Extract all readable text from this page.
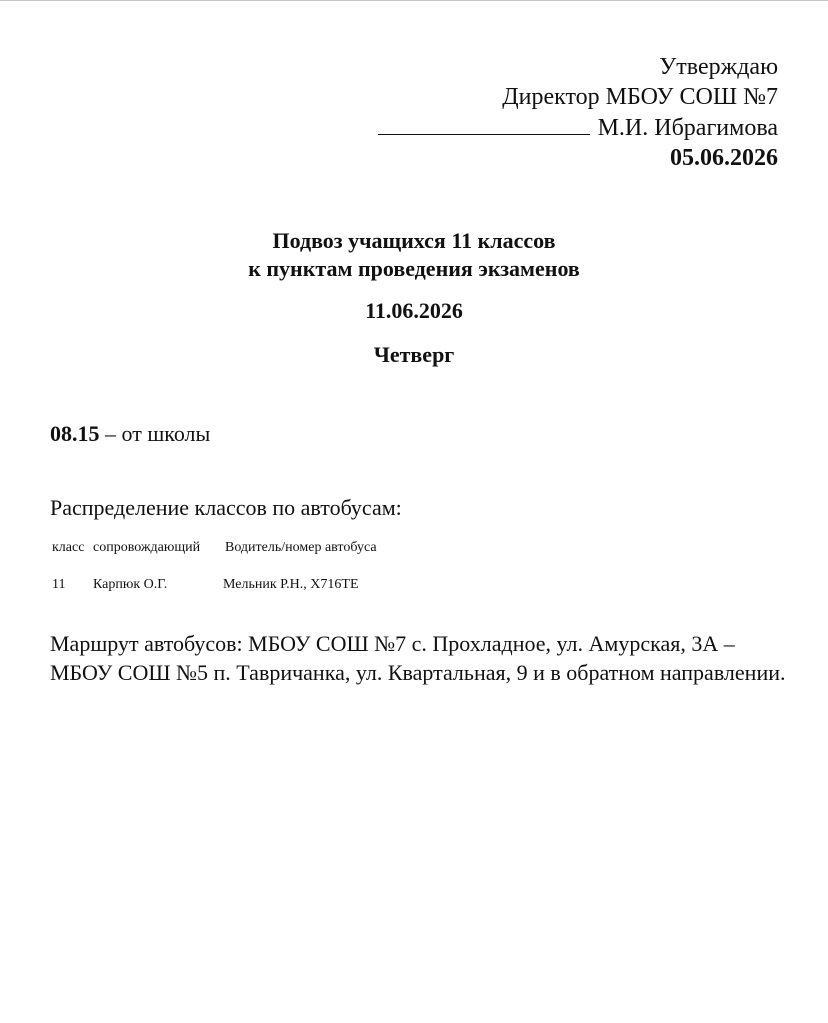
Утверждаю
Директор МБОУ СОШ №7
М.И. Ибрагимова
05.06.2026
Подвоз учащихся 11 классов
к пунктам проведения экзаменов
11.06.2026
Четверг
08.15 – от школы
Распределение классов по автобусам:
класс сопровождающий Водитель/номер автобуса
11 Карпюк О.Г.	Мельник Р.Н., Х716ТЕ
Маршрут автобусов: МБОУ СОШ №7 с. Прохладное, ул. Амурская, 3А – МБОУ СОШ №5 п. Тавричанка, ул. Квартальная, 9 и в обратном направлении.
